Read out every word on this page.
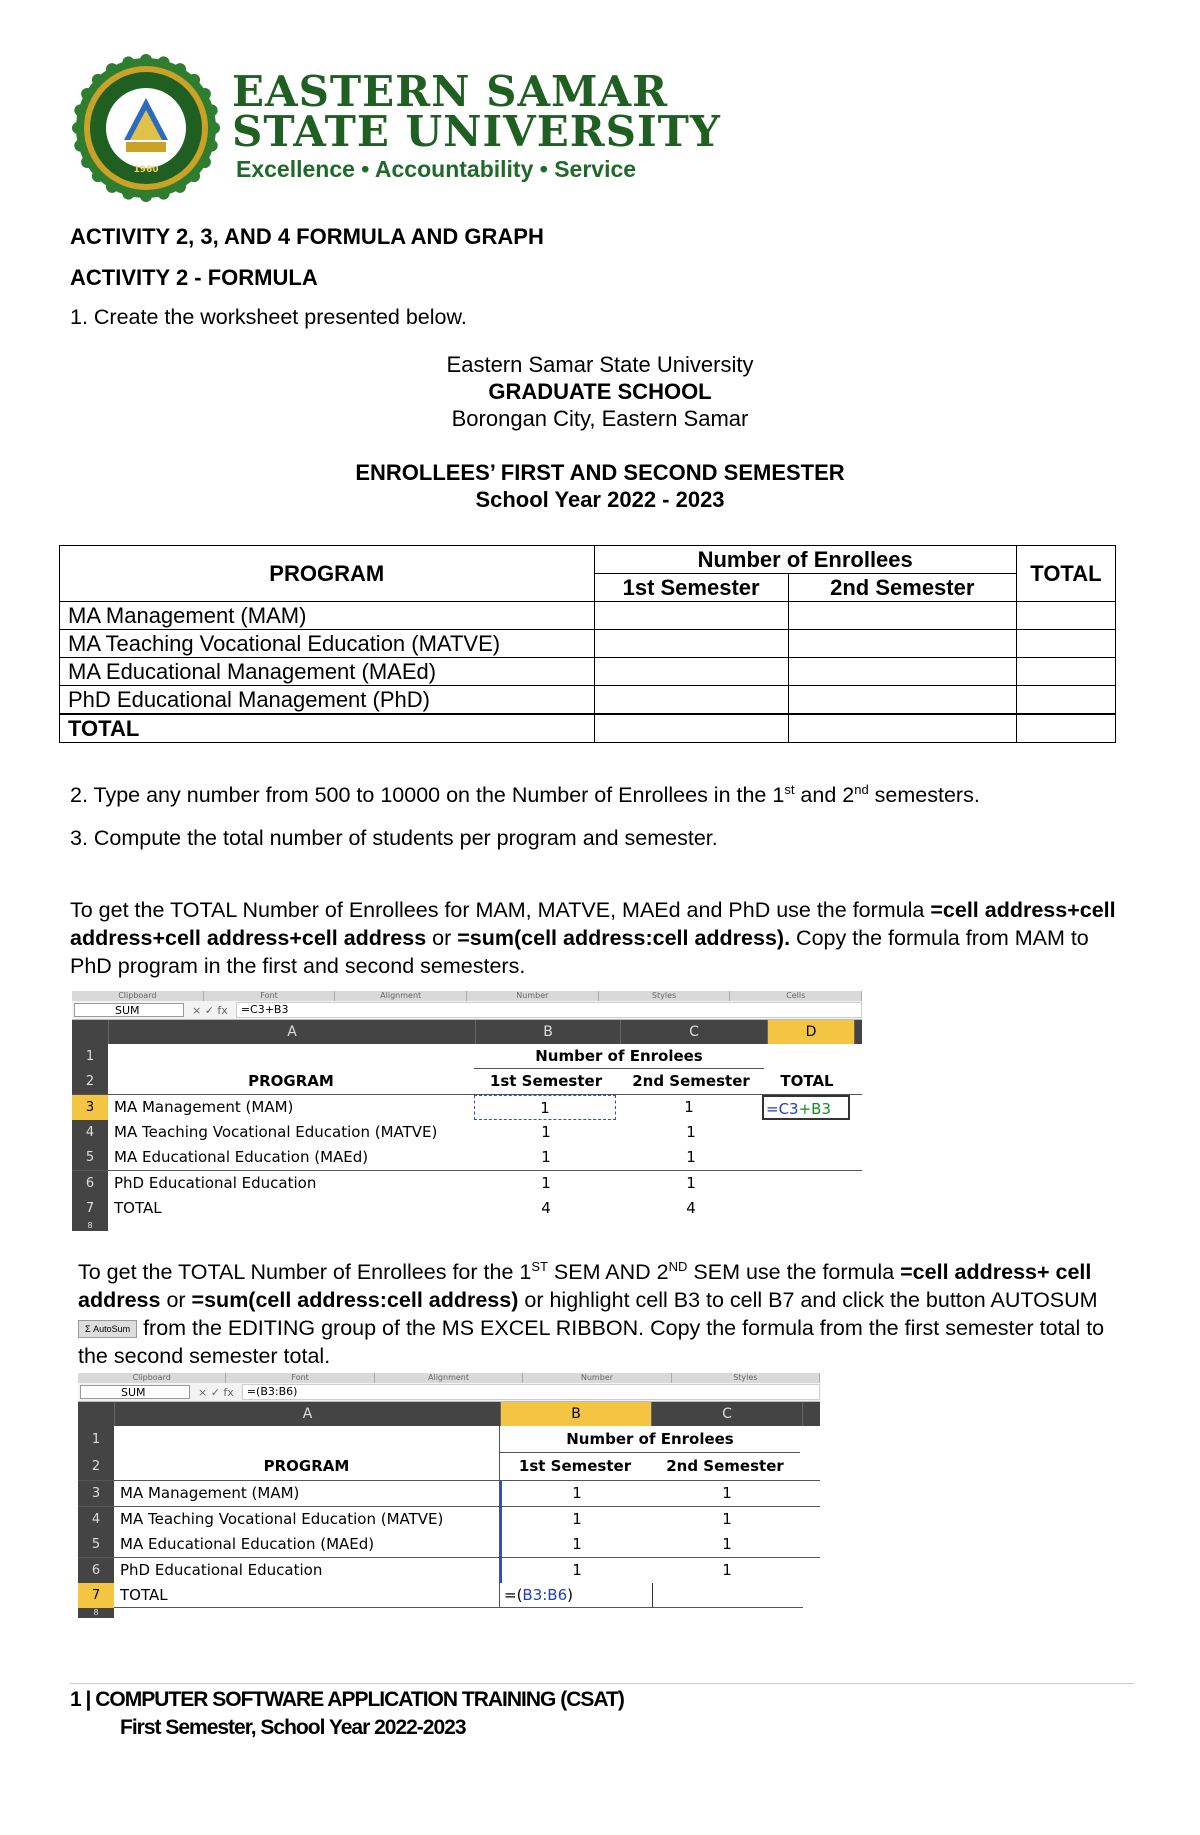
1960
EASTERN SAMAR
STATE UNIVERSITY
Excellence • Accountability • Service
ACTIVITY 2, 3, AND 4 FORMULA AND GRAPH
ACTIVITY 2 - FORMULA
1. Create the worksheet presented below.
Eastern Samar State University
GRADUATE SCHOOL
Borongan City, Eastern Samar
ENROLLEES’ FIRST AND SECOND SEMESTER
School Year 2022 - 2023
PROGRAM	Number of Enrollees		TOTAL
	1st Semester	2nd Semester	
MA Management (MAM)			
MA Teaching Vocational Education (MATVE)			
MA Educational Management (MAEd)			
PhD Educational Management (PhD)			
TOTAL			
2. Type any number from 500 to 10000 on the Number of Enrollees in the 1st and 2nd semesters.
3. Compute the total number of students per program and semester.
To get the TOTAL Number of Enrollees for MAM, MATVE, MAEd and PhD use the formula =cell address+cell address+cell address+cell address or =sum(cell address:cell address). Copy the formula from MAM to PhD program in the first and second semesters.
Clipboard	Font	Alignment	Number	Styles	Cells
SUM	× ✓ fx	=C3+B3
A	B	C	D
1	Number of Enrolees
2	PROGRAM	1st Semester	2nd Semester	TOTAL
3	MA Management (MAM)	1	1	=C3+B3
4	MA Teaching Vocational Education (MATVE)	1	1
5	MA Educational Education (MAEd)	1	1
6	PhD Educational Education	1	1
7	TOTAL	4	4
8
To get the TOTAL Number of Enrollees for the 1ST SEM AND 2ND SEM use the formula =cell address+ cell address or =sum(cell address:cell address) or highlight cell B3 to cell B7 and click the button AUTOSUM Σ AutoSum from the EDITING group of the MS EXCEL RIBBON. Copy the formula from the first semester total to the second semester total.
Clipboard	Font	Alignment	Number	Styles
SUM	× ✓ fx	=(B3:B6)
A	B	C
1	Number of Enrolees
2	PROGRAM	1st Semester	2nd Semester
3	MA Management (MAM)	1	1
4	MA Teaching Vocational Education (MATVE)	1	1
5	MA Educational Education (MAEd)	1	1
6	PhD Educational Education	1	1
7	TOTAL	=(B3:B6)
8
1 | COMPUTER SOFTWARE APPLICATION TRAINING (CSAT)
First Semester, School Year 2022-2023
